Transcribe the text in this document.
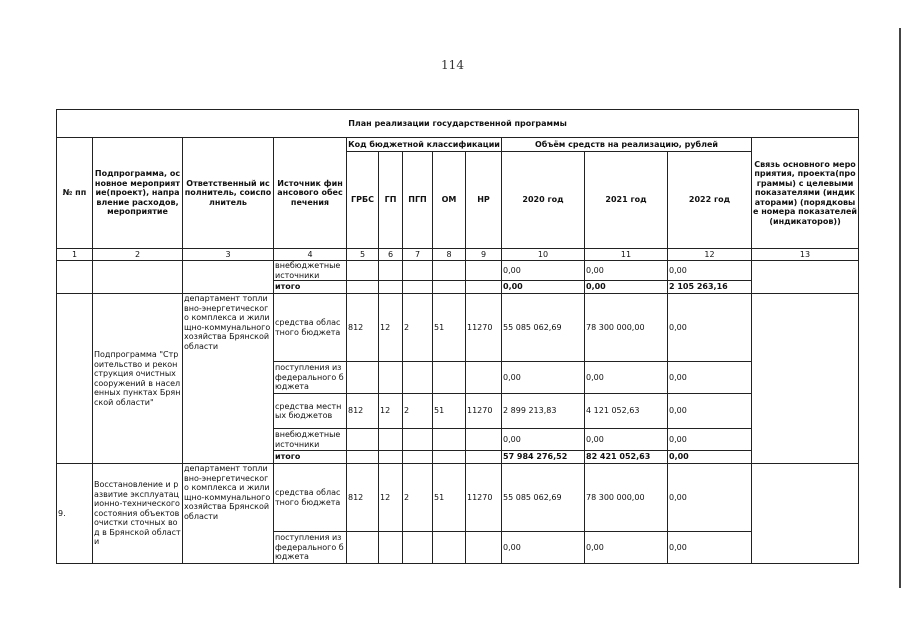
114
План реализации государственной программы												
№ пп	Подпрограмма, основное мероприятие(проект), направление расходов, мероприятие	Ответственный исполнитель, соисполнитель	Источник финансового обеспечения	Код бюджетной классификации					Объём средств на реализацию, рублей			Связь основного мероприятия, проекта(программы) с целевыми показателями (индикаторами) (порядковые номера показателей (индикаторов))
				ГРБС	ГП	ПГП	ОМ	НР	2020 год	2021 год	2022 год	
1	2	3	4	5	6	7	8	9	10	11	12	13
			внебюджетные источники						0,00	0,00	0,00	
			итого						0,00	0,00	2 105 263,16	
	Подпрограмма "Строительство и реконструкция очистных сооружений в населенных пунктах Брянской области"	департамент топливно-энергетического комплекса и жилищно-коммунального хозяйства Брянской области	средства областного бюджета	812	12	2	51	11270	55 085 062,69	78 300 000,00	0,00	
			поступления из федерального бюджета						0,00	0,00	0,00	
			средства местных бюджетов	812	12	2	51	11270	2 899 213,83	4 121 052,63	0,00	
			внебюджетные источники						0,00	0,00	0,00	
			итого						57 984 276,52	82 421 052,63	0,00	
9.	Восстановление и развитие эксплуатационно-технического состояния объектов очистки сточных вод в Брянской области	департамент топливно-энергетического комплекса и жилищно-коммунального хозяйства Брянской области	средства областного бюджета	812	12	2	51	11270	55 085 062,69	78 300 000,00	0,00	
			поступления из федерального бюджета						0,00	0,00	0,00	
